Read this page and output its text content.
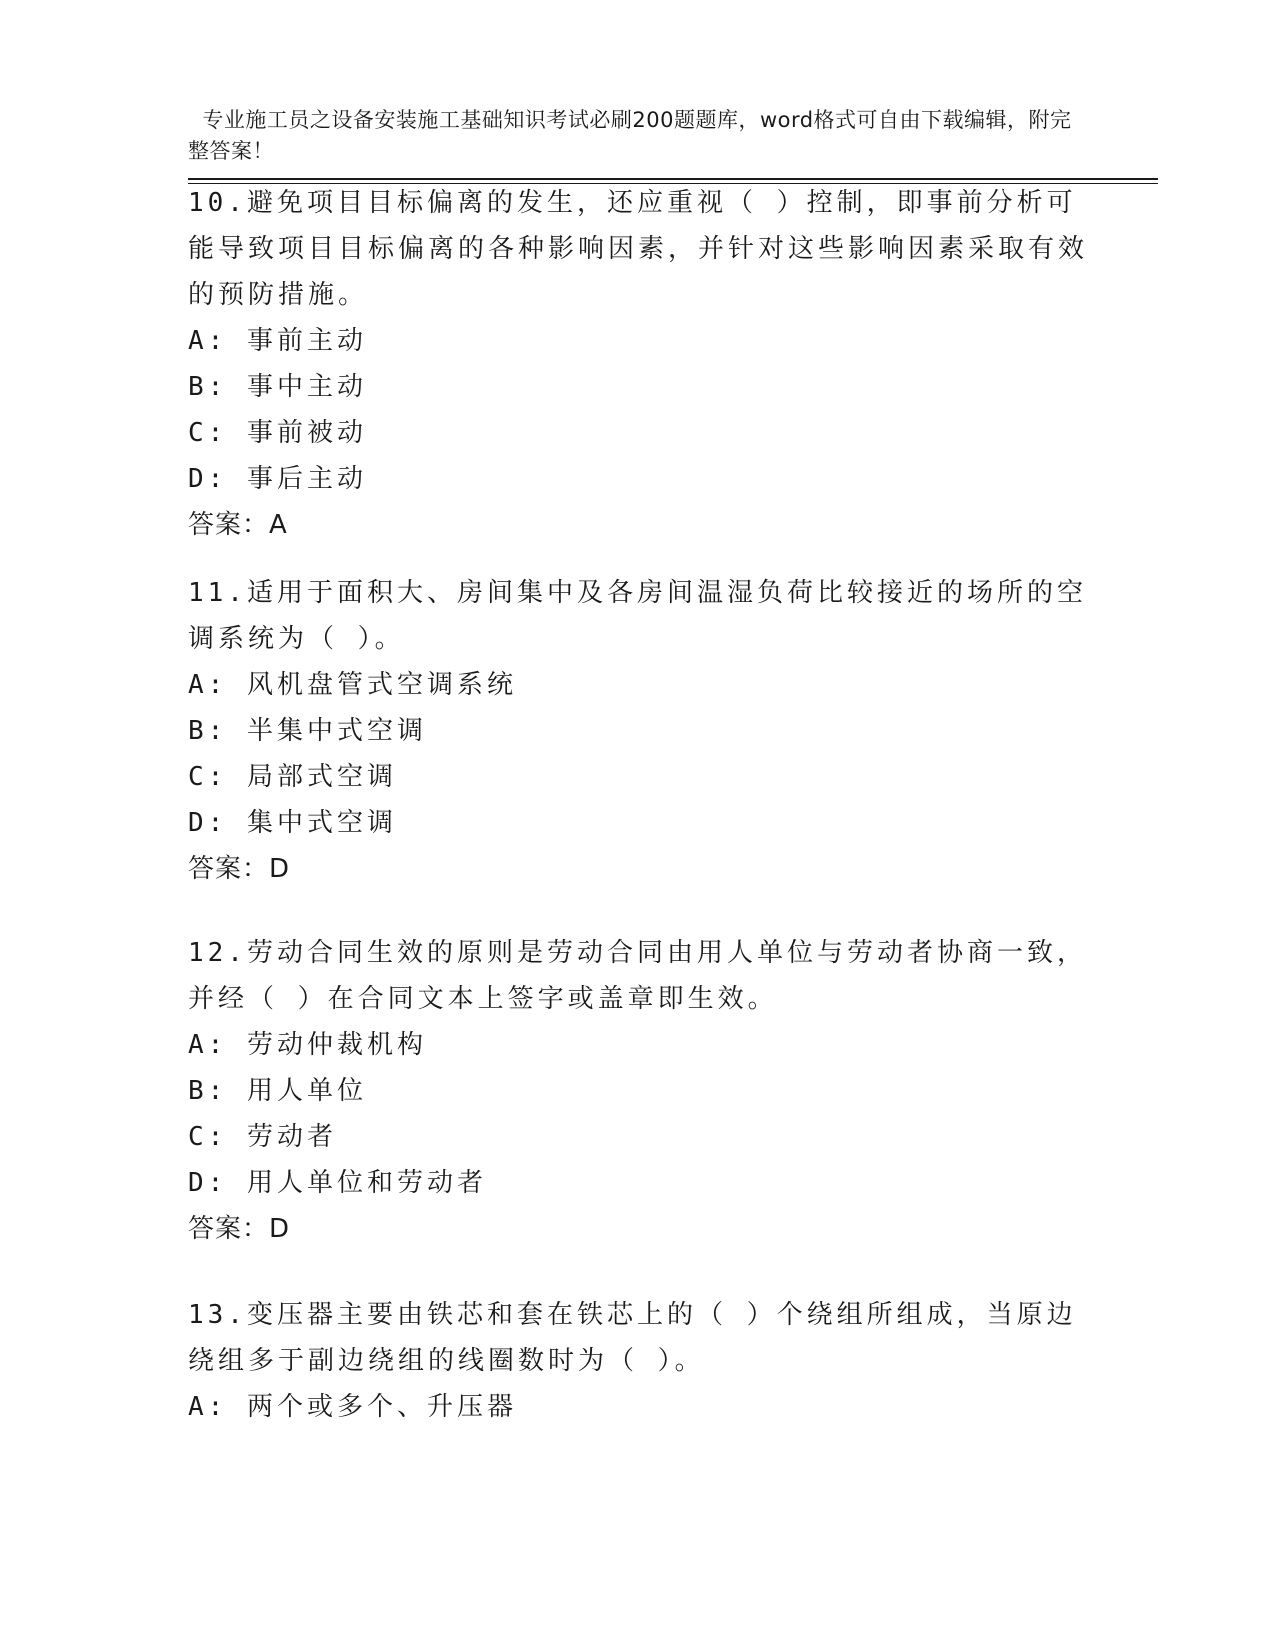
专业施工员之设备安装施工基础知识考试必刷200题题库，word格式可自由下载编辑，附完整答案！

10.避免项目目标偏离的发生，还应重视（ ）控制，即事前分析可能导致项目目标偏离的各种影响因素，并针对这些影响因素采取有效的预防措施。

A: 事前主动

B: 事中主动

C: 事前被动

D: 事后主动

答案：A

11.适用于面积大、房间集中及各房间温湿负荷比较接近的场所的空调系统为（ ）。

A: 风机盘管式空调系统

B: 半集中式空调

C: 局部式空调

D: 集中式空调

答案：D

12.劳动合同生效的原则是劳动合同由用人单位与劳动者协商一致，并经（ ）在合同文本上签字或盖章即生效。

A: 劳动仲裁机构

B: 用人单位

C: 劳动者

D: 用人单位和劳动者

答案：D

13.变压器主要由铁芯和套在铁芯上的（ ）个绕组所组成，当原边绕组多于副边绕组的线圈数时为（ ）。

A: 两个或多个、升压器
